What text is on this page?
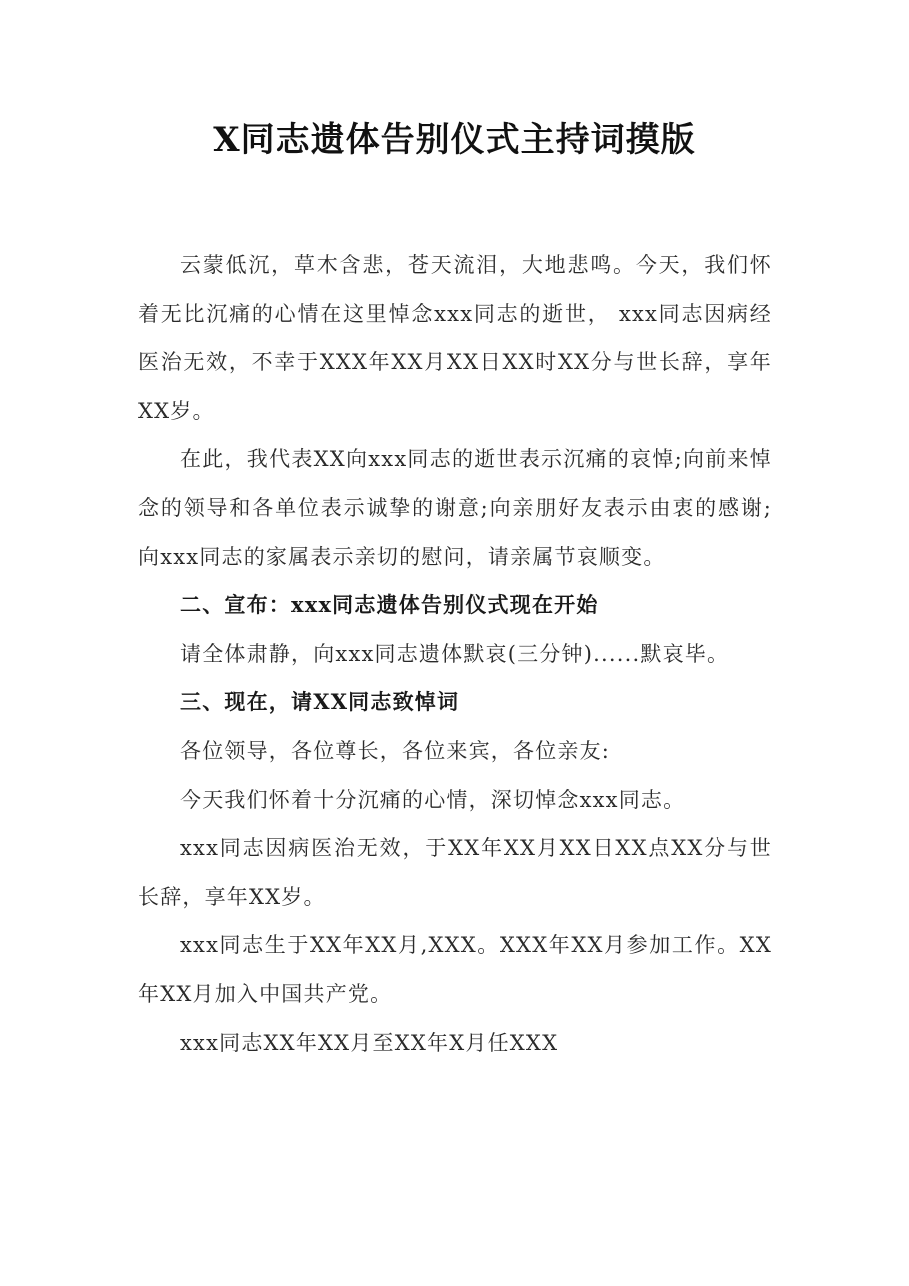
X同志遗体告别仪式主持词摸版

云蒙低沉，草木含悲，苍天流泪，大地悲鸣。今天，我们怀着无比沉痛的心情在这里悼念xxx同志的逝世， xxx同志因病经医治无效，不幸于XXX年XX月XX日XX时XX分与世长辞，享年XX岁。

在此，我代表XX向xxx同志的逝世表示沉痛的哀悼;向前来悼念的领导和各单位表示诚挚的谢意;向亲朋好友表示由衷的感谢;向xxx同志的家属表示亲切的慰问，请亲属节哀顺变。

二、宣布：xxx同志遗体告别仪式现在开始

请全体肃静，向xxx同志遗体默哀(三分钟)......默哀毕。

三、现在，请XX同志致悼词

各位领导，各位尊长，各位来宾，各位亲友:

今天我们怀着十分沉痛的心情，深切悼念xxx同志。

xxx同志因病医治无效，于XX年XX月XX日XX点XX分与世长辞，享年XX岁。

xxx同志生于XX年XX月,XXX。XXX年XX月参加工作。XX年XX月加入中国共产党。

xxx同志XX年XX月至XX年X月任XXX
